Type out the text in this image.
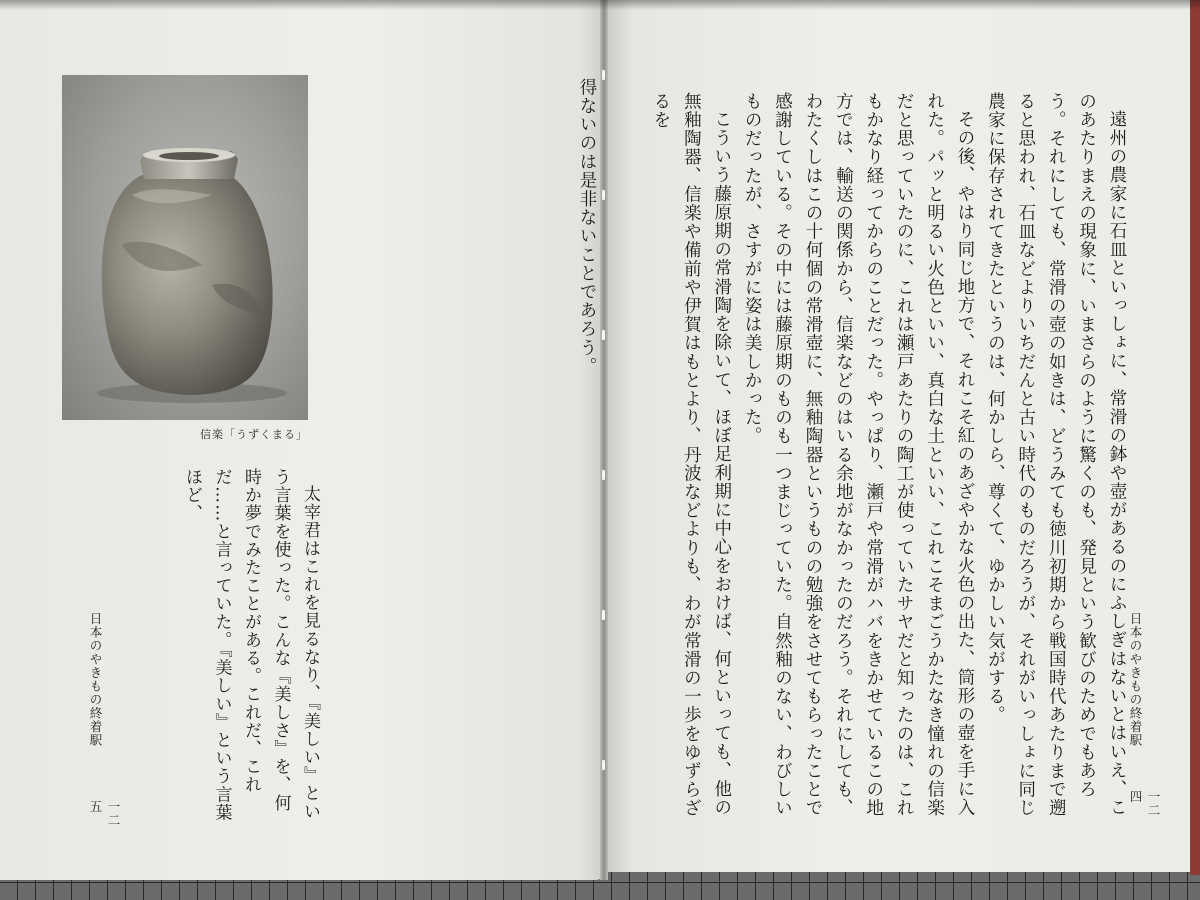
信楽「うずくまる」

得ないのは是非ないことであろう。

太宰君はこれを見るなり、『美しい』という言葉を使った。こんな『美しさ』を、何時か夢でみたことがある。これだ、これだ……と言っていた。『美しい』という言葉ほど、

日本のやきもの終着駅
一二五	遠州の農家に石皿といっしょに、常滑の鉢や壺があるのにふしぎはないとはいえ、このあたりまえの現象に、いまさらのように驚くのも、発見という歓びのためでもあろう。それにしても、常滑の壺の如きは、どうみても徳川初期から戦国時代あたりまで遡ると思われ、石皿などよりいちだんと古い時代のものだろうが、それがいっしょに同じ農家に保存されてきたというのは、何かしら、尊くて、ゆかしい気がする。

その後、やはり同じ地方で、それこそ紅のあざやかな火色の出た、筒形の壺を手に入れた。パッと明るい火色といい、真白な土といい、これこそまごうかたなき憧れの信楽だと思っていたのに、これは瀬戸あたりの陶工が使っていたサヤだと知ったのは、これもかなり経ってからのことだった。やっぱり、瀬戸や常滑がハバをきかせているこの地方では、輸送の関係から、信楽などのはいる余地がなかったのだろう。それにしても、わたくしはこの十何個の常滑壺に、無釉陶器というものの勉強をさせてもらったことで感謝している。その中には藤原期のものも一つまじっていた。自然釉のない、わびしいものだったが、さすがに姿は美しかった。

こういう藤原期の常滑陶を除いて、ほぼ足利期に中心をおけば、何といっても、他の無釉陶器、信楽や備前や伊賀はもとより、丹波などよりも、わが常滑の一歩をゆずらざるを

日本のやきもの終着駅
一二四
